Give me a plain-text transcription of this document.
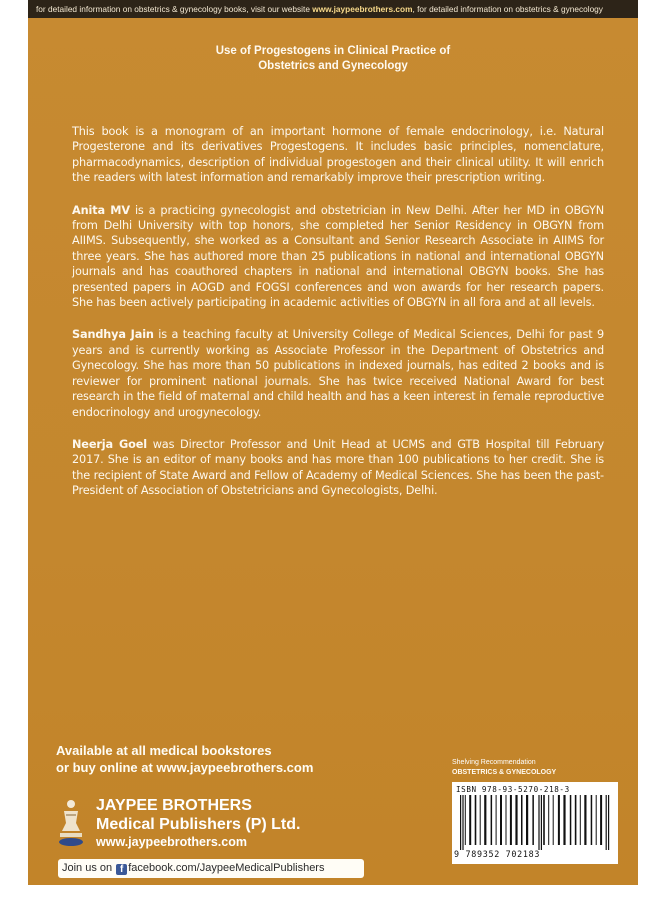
for detailed information on obstetrics & gynecology books, visit our website www.jaypeebrothers.com, for detailed information on obstetrics & gynecology
Use of Progestogens in Clinical Practice of
Obstetrics and Gynecology

This book is a monogram of an important hormone of female endocrinology, i.e. Natural Progesterone and its derivatives Progestogens. It includes basic principles, nomenclature, pharmacodynamics, description of individual progestogen and their clinical utility. It will enrich the readers with latest information and remarkably improve their prescription writing.

Anita MV is a practicing gynecologist and obstetrician in New Delhi. After her MD in OBGYN from Delhi University with top honors, she completed her Senior Residency in OBGYN from AIIMS. Subsequently, she worked as a Consultant and Senior Research Associate in AIIMS for three years. She has authored more than 25 publications in national and international OBGYN journals and has coauthored chapters in national and international OBGYN books. She has presented papers in AOGD and FOGSI conferences and won awards for her research papers. She has been actively participating in academic activities of OBGYN in all fora and at all levels.

Sandhya Jain is a teaching faculty at University College of Medical Sciences, Delhi for past 9 years and is currently working as Associate Professor in the Department of Obstetrics and Gynecology. She has more than 50 publications in indexed journals, has edited 2 books and is reviewer for prominent national journals. She has twice received National Award for best research in the field of maternal and child health and has a keen interest in female reproductive endocrinology and urogynecology.

Neerja Goel was Director Professor and Unit Head at UCMS and GTB Hospital till February 2017. She is an editor of many books and has more than 100 publications to her credit. She is the recipient of State Award and Fellow of Academy of Medical Sciences. She has been the past-President of Association of Obstetricians and Gynecologists, Delhi.

Available at all medical bookstores
or buy online at www.jaypeebrothers.com
JAYPEE BROTHERS
Medical Publishers (P) Ltd.
www.jaypeebrothers.com
Join us on f facebook.com/JaypeeMedicalPublishers
Shelving Recommendation
OBSTETRICS & GYNECOLOGY
ISBN 978-93-5270-218-3
9 789352 702183
